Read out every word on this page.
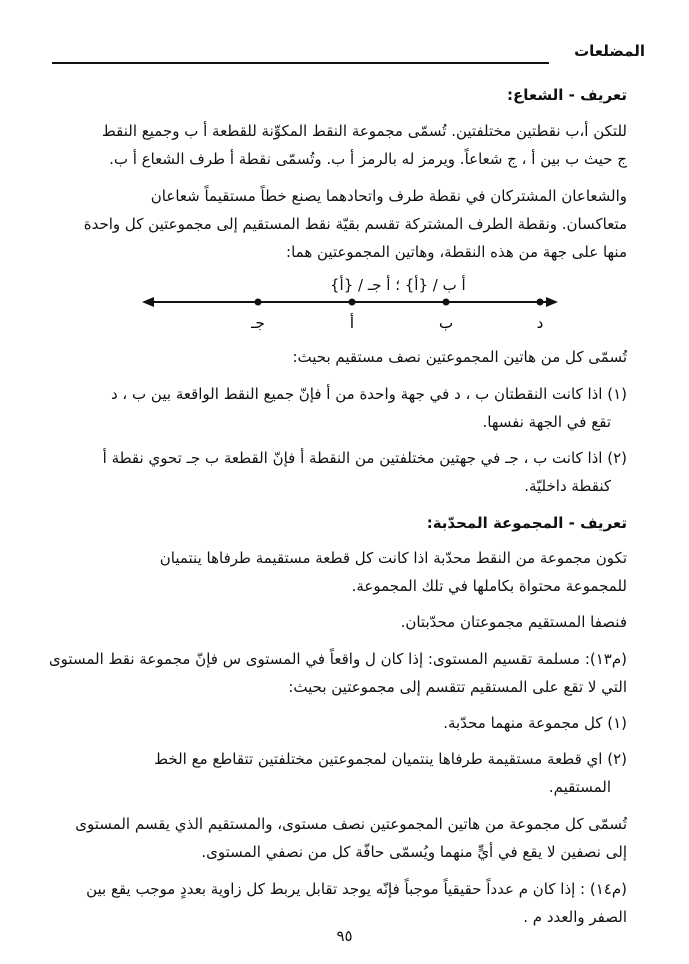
المضلعات
تعريف - الشعاع:
للتكن أ،ب نقطتين مختلفتين. تُسمّى مجموعة النقط المكوِّنة للقطعة أ ب وجميع النقط
ج حيث ب بين أ ، ج شعاعاً. ويرمز له بالرمز أ ب. وتُسمّى نقطة أ طرف الشعاع أ ب.
والشعاعان المشتركان في نقطة طرف واتحادهما يصنع خطاً مستقيماً شعاعان
متعاكسان. ونقطة الطرف المشتركة تقسم بقيّة نقط المستقيم إلى مجموعتين كل واحدة
منها على جهة من هذه النقطة، وهاتين المجموعتين هما:
تُسمّى كل من هاتين المجموعتين نصف مستقيم بحيث:
(١) اذا كانت النقطتان ب ، د في جهة واحدة من أ فإنّ جميع النقط الواقعة بين ب ، د
تقع في الجهة نفسها.
(٢) اذا كانت ب ، جـ في جهتين مختلفتين من النقطة أ فإنّ القطعة ب جـ تحوي نقطة أ
كنقطة داخليّة.
تعريف - المجموعة المحدّبة:
تكون مجموعة من النقط محدّبة اذا كانت كل قطعة مستقيمة طرفاها ينتميان
للمجموعة محتواة بكاملها في تلك المجموعة.
فنصفا المستقيم مجموعتان محدّبتان.
(م١٣): مسلمة تقسيم المستوى: إذا كان ل واقعاً في المستوى س فإنّ مجموعة نقط المستوى
التي لا تقع على المستقيم تتقسم إلى مجموعتين بحيث:
(١) كل مجموعة منهما محدّبة.
(٢) اي قطعة مستقيمة طرفاها ينتميان لمجموعتين مختلفتين تتقاطع مع الخط
المستقيم.
تُسمّى كل مجموعة من هاتين المجموعتين نصف مستوى، والمستقيم الذي يقسم المستوى
إلى نصفين لا يقع في أيٍّ منهما ويُسمّى حافّة كل من نصفي المستوى.
(م١٤) : إذا كان م عدداً حقيقياً موجباً فإنّه يوجد تقابل يربط كل زاوية بعددٍ موجب يقع بين
الصفر والعدد م .
أ ب / {أ} ؛ أ جـ / {أ}
جـ	أ	ب	د
٩٥
